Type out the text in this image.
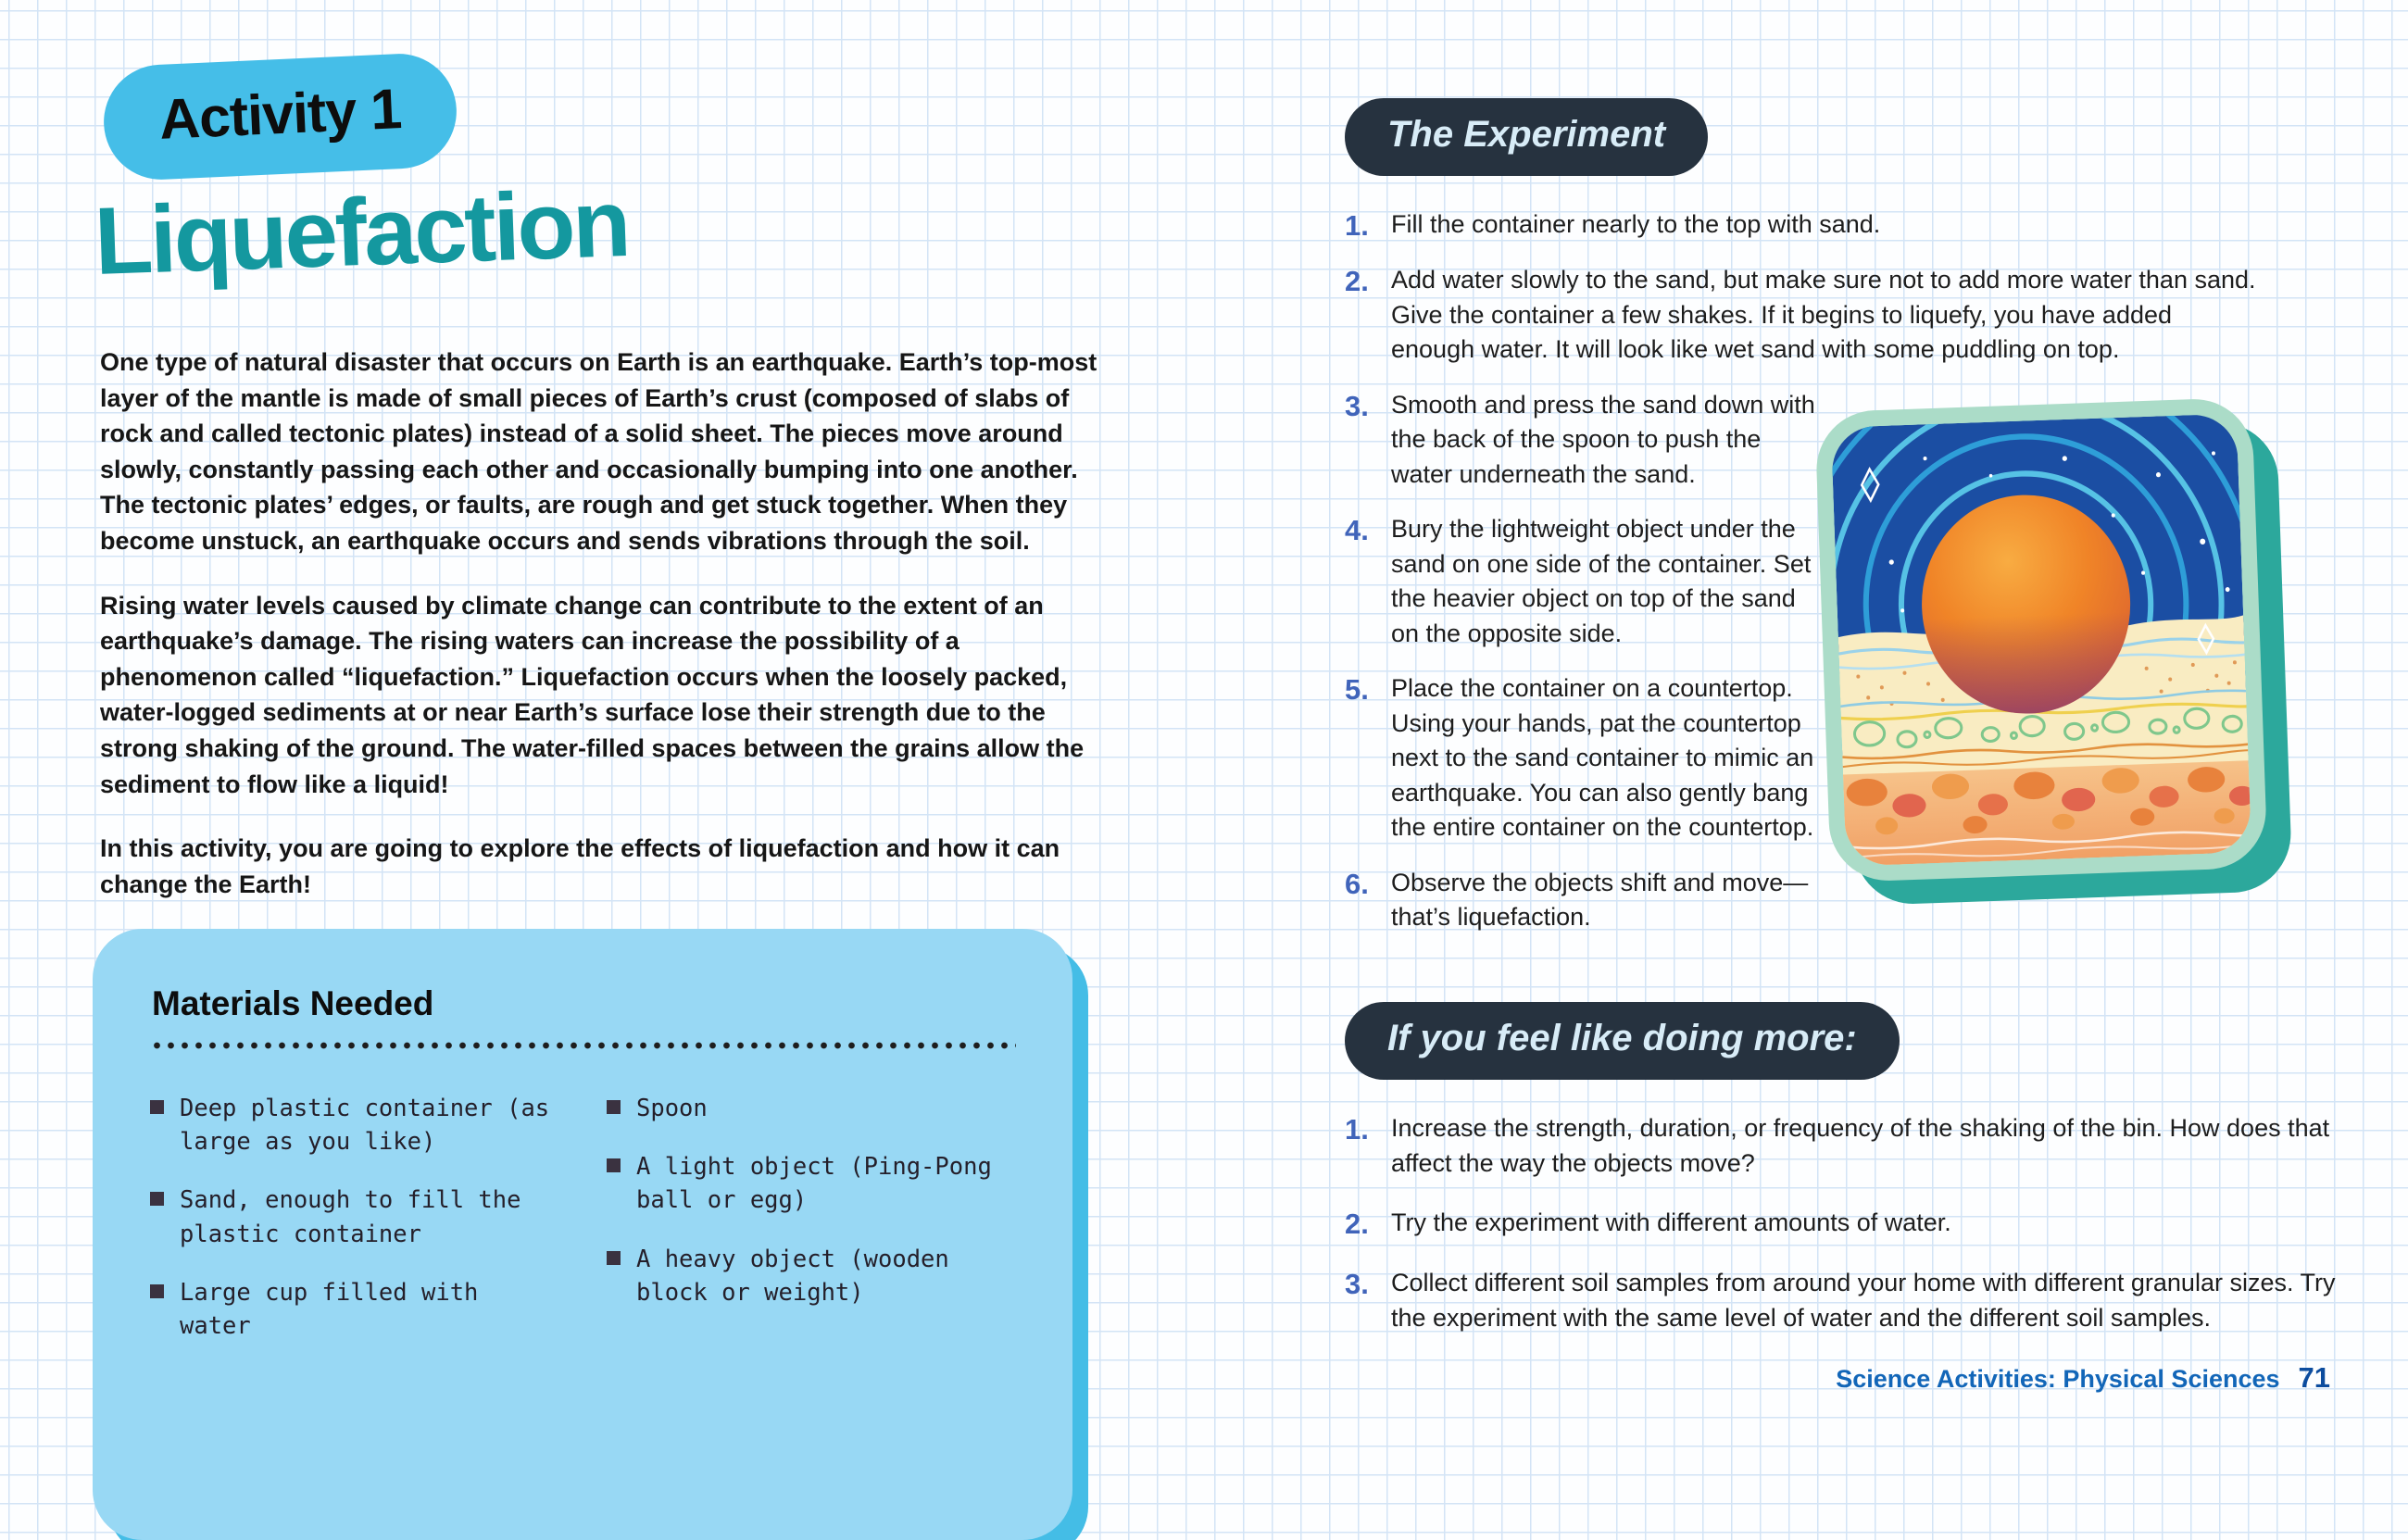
Activity 1
Liquefaction

One type of natural disaster that occurs on Earth is an earthquake. Earth’s top-most layer of the mantle is made of small pieces of Earth’s crust (composed of slabs of rock and called tectonic plates) instead of a solid sheet. The pieces move around slowly, constantly passing each other and occasionally bumping into one another. The tectonic plates’ edges, or faults, are rough and get stuck together. When they become unstuck, an earthquake occurs and sends vibrations through the soil.

Rising water levels caused by climate change can contribute to the extent of an earthquake’s damage. The rising waters can increase the possibility of a phenomenon called “liquefaction.” Liquefaction occurs when the loosely packed, water-logged sediments at or near Earth’s surface lose their strength due to the strong shaking of the ground. The water-filled spaces between the grains allow the sediment to flow like a liquid!

In this activity, you are going to explore the effects of liquefaction and how it can change the Earth!

Materials Needed
Deep plastic container (as large as you like)
Sand, enough to fill the plastic container
Large cup filled with water
Spoon
A light object (Ping-Pong ball or egg)
A heavy object (wooden block or weight)
The Experiment
1. Fill the container nearly to the top with sand.
2. Add water slowly to the sand, but make sure not to add more water than sand. Give the container a few shakes. If it begins to liquefy, you have added enough water. It will look like wet sand with some puddling on top.
3. Smooth and press the sand down with the back of the spoon to push the water underneath the sand.
4. Bury the lightweight object under the sand on one side of the container. Set the heavier object on top of the sand on the opposite side.
5. Place the container on a countertop. Using your hands, pat the countertop next to the sand container to mimic an earthquake. You can also gently bang the entire container on the countertop.
6. Observe the objects shift and move—that’s liquefaction.
If you feel like doing more:
1. Increase the strength, duration, or frequency of the shaking of the bin. How does that affect the way the objects move?
2. Try the experiment with different amounts of water.
3. Collect different soil samples from around your home with different granular sizes. Try the experiment with the same level of water and the different soil samples.
Science Activities: Physical Sciences 71
